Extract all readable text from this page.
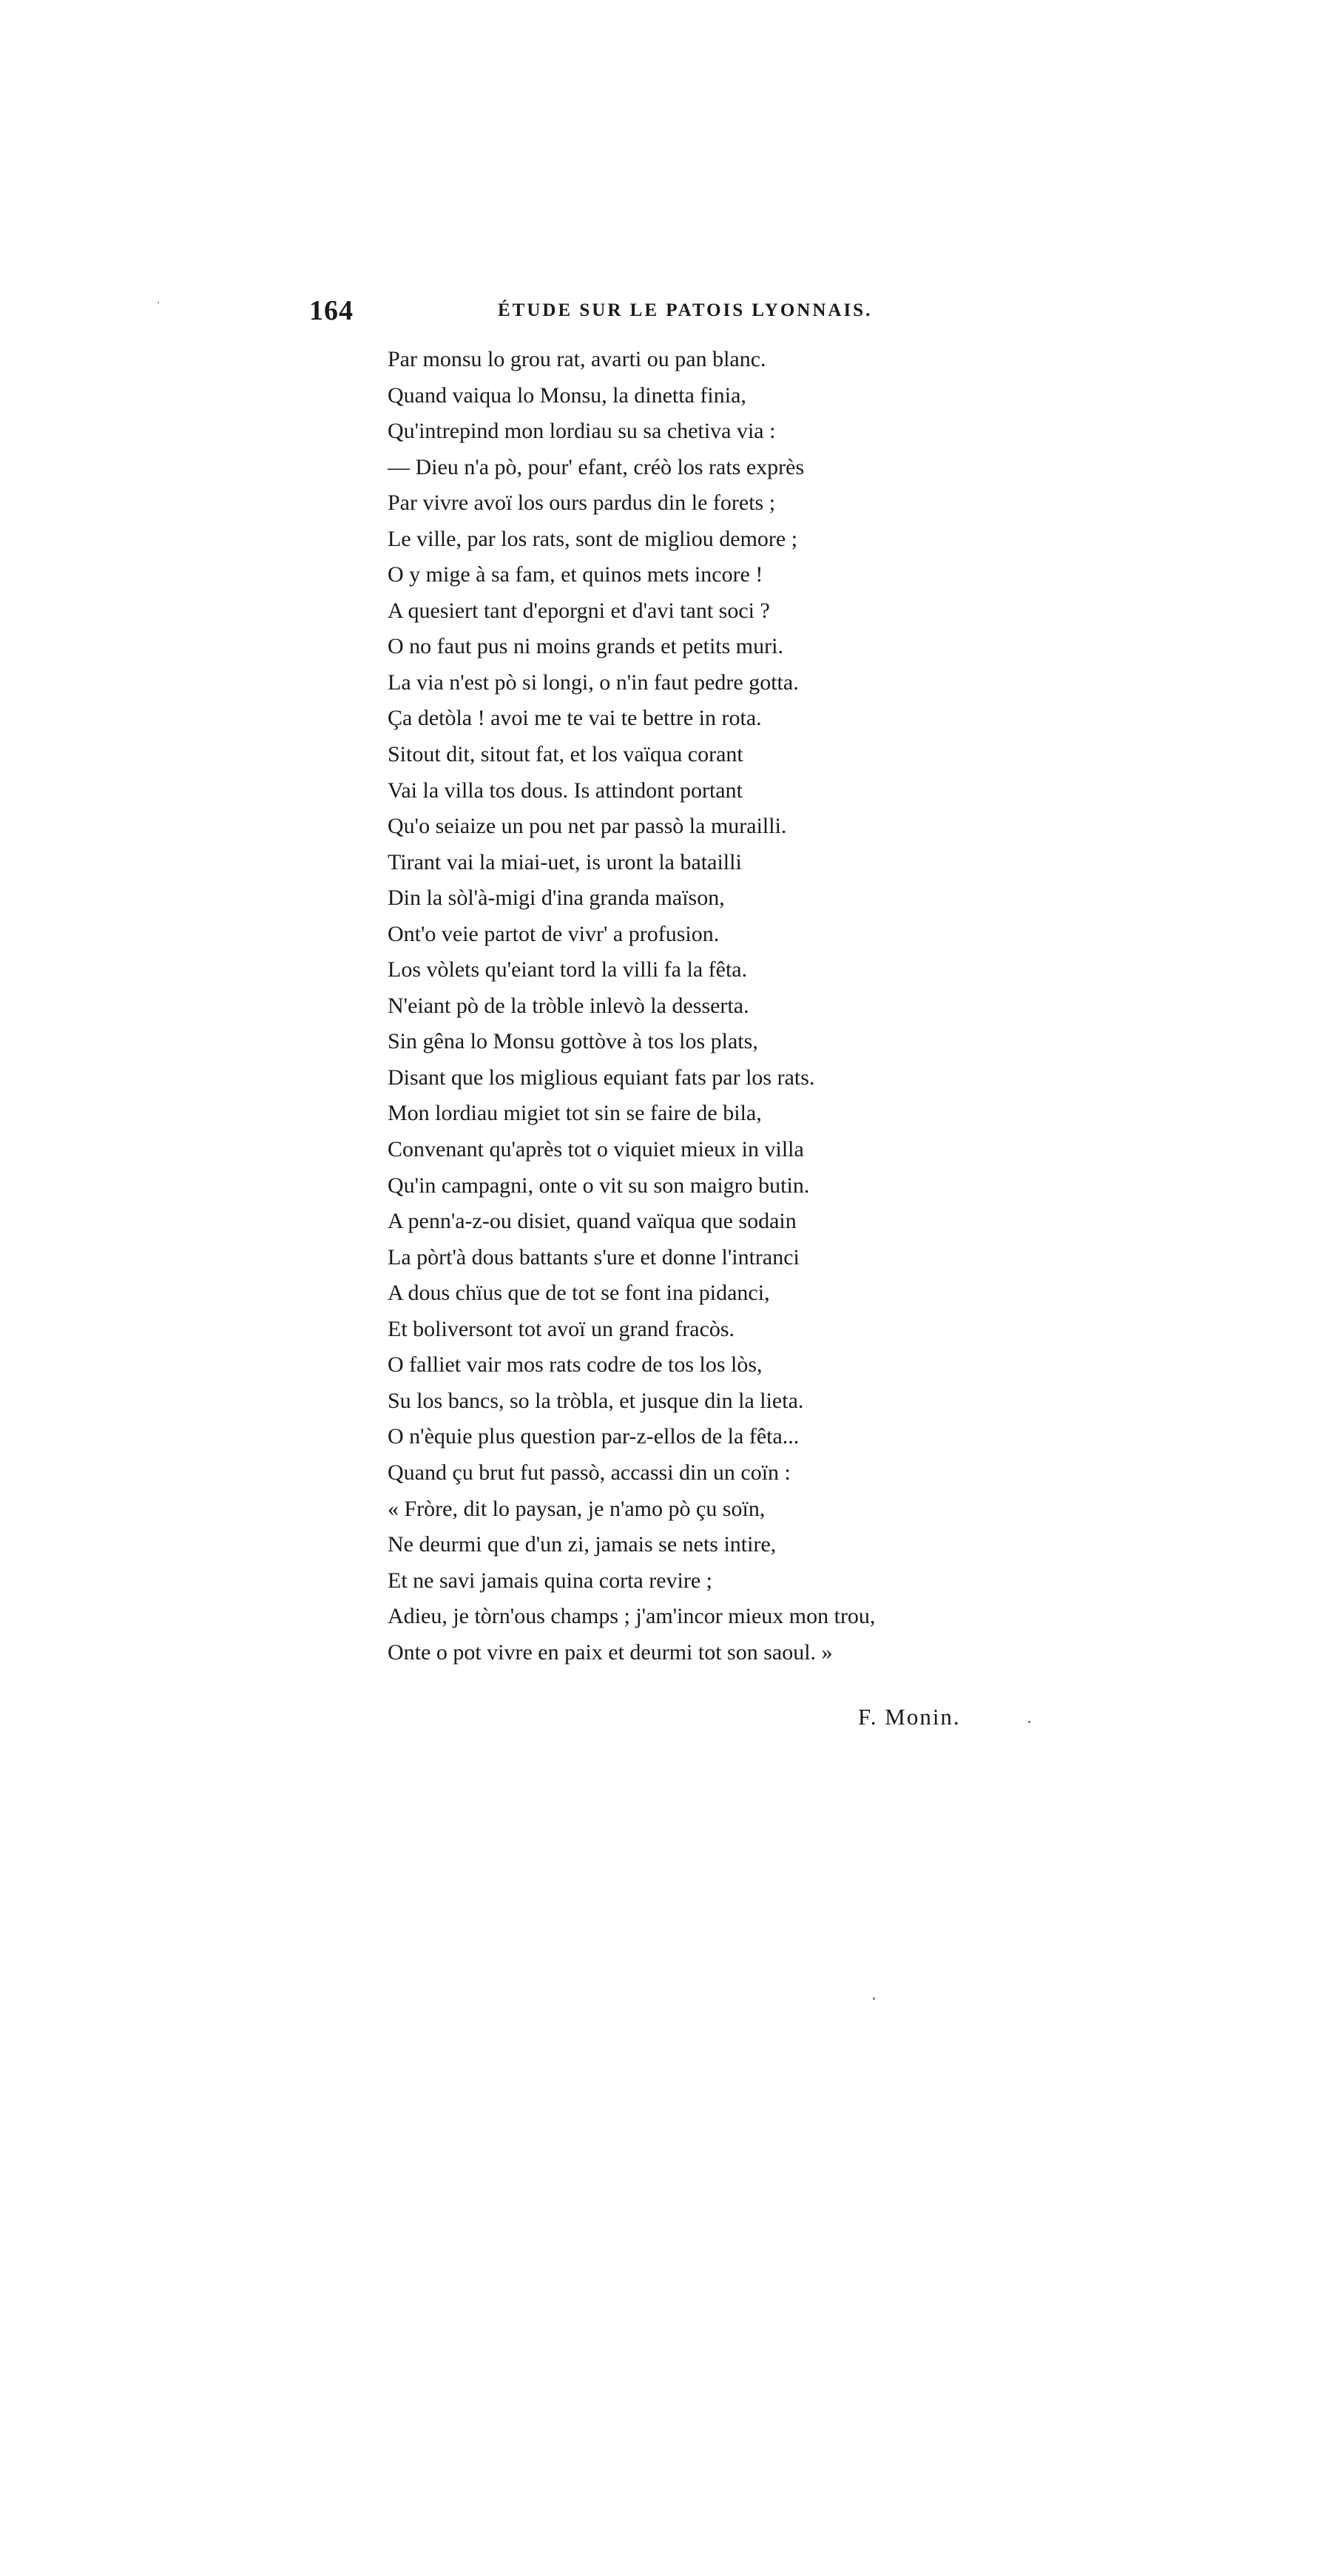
164	ÉTUDE SUR LE PATOIS LYONNAIS.
Par monsu lo grou rat, avarti ou pan blanc.
Quand vaiqua lo Monsu, la dinetta finia,
Qu'intrepind mon lordiau su sa chetiva via :
— Dieu n'a pò, pour' efant, créò los rats exprès
Par vivre avoï los ours pardus din le forets ;
Le ville, par los rats, sont de migliou demore ;
O y mige à sa fam, et quinos mets incore !
A quesiert tant d'eporgni et d'avi tant soci ?
O no faut pus ni moins grands et petits muri.
La via n'est pò si longi, o n'in faut pedre gotta.
Ça detòla ! avoi me te vai te bettre in rota.
Sitout dit, sitout fat, et los vaïqua corant
Vai la villa tos dous. Is attindont portant
Qu'o seiaize un pou net par passò la murailli.
Tirant vai la miai-uet, is uront la batailli
Din la sòl'à-migi d'ina granda maïson,
Ont'o veie partot de vivr' a profusion.
Los vòlets qu'eiant tord la villi fa la fêta.
N'eiant pò de la tròble inlevò la desserta.
Sin gêna lo Monsu gottòve à tos los plats,
Disant que los miglious equiant fats par los rats.
Mon lordiau migiet tot sin se faire de bila,
Convenant qu'après tot o viquiet mieux in villa
Qu'in campagni, onte o vit su son maigro butin.
A penn'a-z-ou disiet, quand vaïqua que sodain
La pòrt'à dous battants s'ure et donne l'intranci
A dous chïus que de tot se font ina pidanci,
Et boliversont tot avoï un grand fracòs.
O falliet vair mos rats codre de tos los lòs,
Su los bancs, so la tròbla, et jusque din la lieta.
O n'èquie plus question par-z-ellos de la fêta...
Quand çu brut fut passò, accassi din un coïn :
« Fròre, dit lo paysan, je n'amo pò çu soïn,
Ne deurmi que d'un zi, jamais se nets intire,
Et ne savi jamais quina corta revire ;
Adieu, je tòrn'ous champs ; j'am'incor mieux mon trou,
Onte o pot vivre en paix et deurmi tot son saoul. »
F. Monin.
